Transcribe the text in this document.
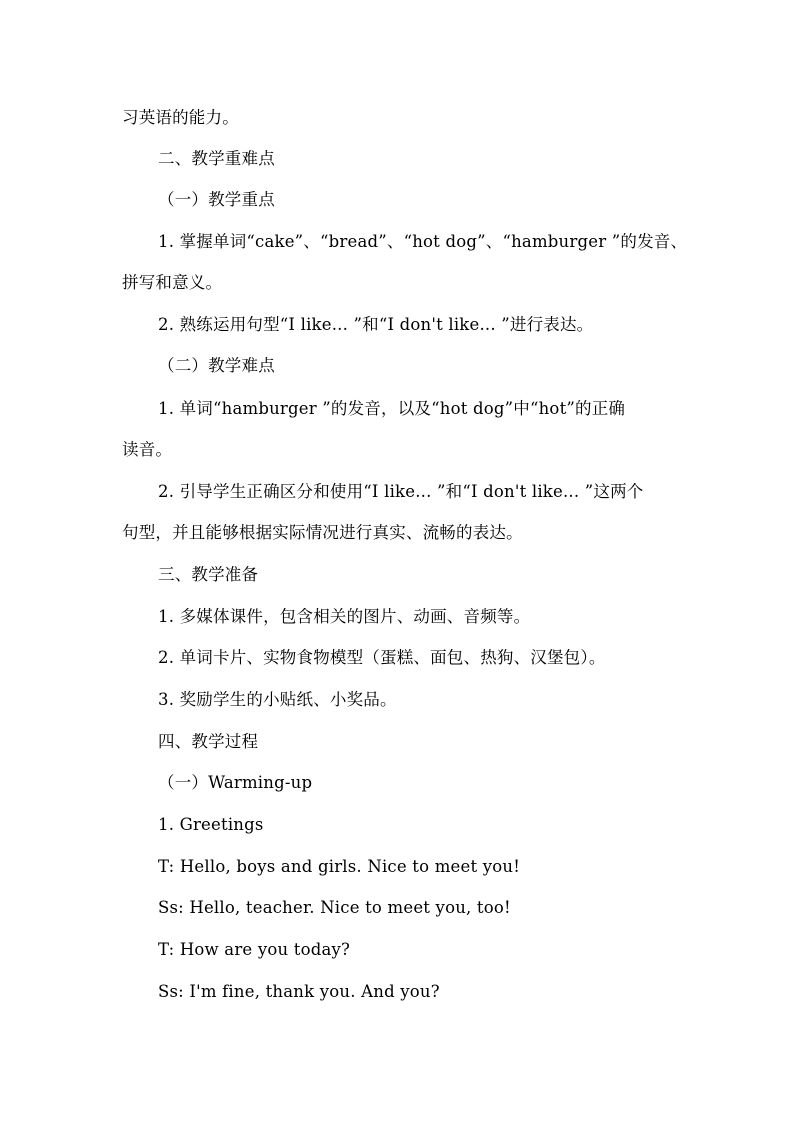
习英语的能力。
二、教学重难点
（一）教学重点
1. 掌握单词“cake”、“bread”、“hot dog”、“hamburger ”的发音、
拼写和意义。
2. 熟练运用句型“I like... ”和“I don't like... ”进行表达。
（二）教学难点
1. 单词“hamburger ”的发音，以及“hot dog”中“hot”的正确
读音。
2. 引导学生正确区分和使用“I like... ”和“I don't like... ”这两个
句型，并且能够根据实际情况进行真实、流畅的表达。
三、教学准备
1. 多媒体课件，包含相关的图片、动画、音频等。
2. 单词卡片、实物食物模型（蛋糕、面包、热狗、汉堡包）。
3. 奖励学生的小贴纸、小奖品。
四、教学过程
（一）Warming-up
1. Greetings
T: Hello, boys and girls. Nice to meet you!
Ss: Hello, teacher. Nice to meet you, too!
T: How are you today?
Ss: I'm fine, thank you. And you?
